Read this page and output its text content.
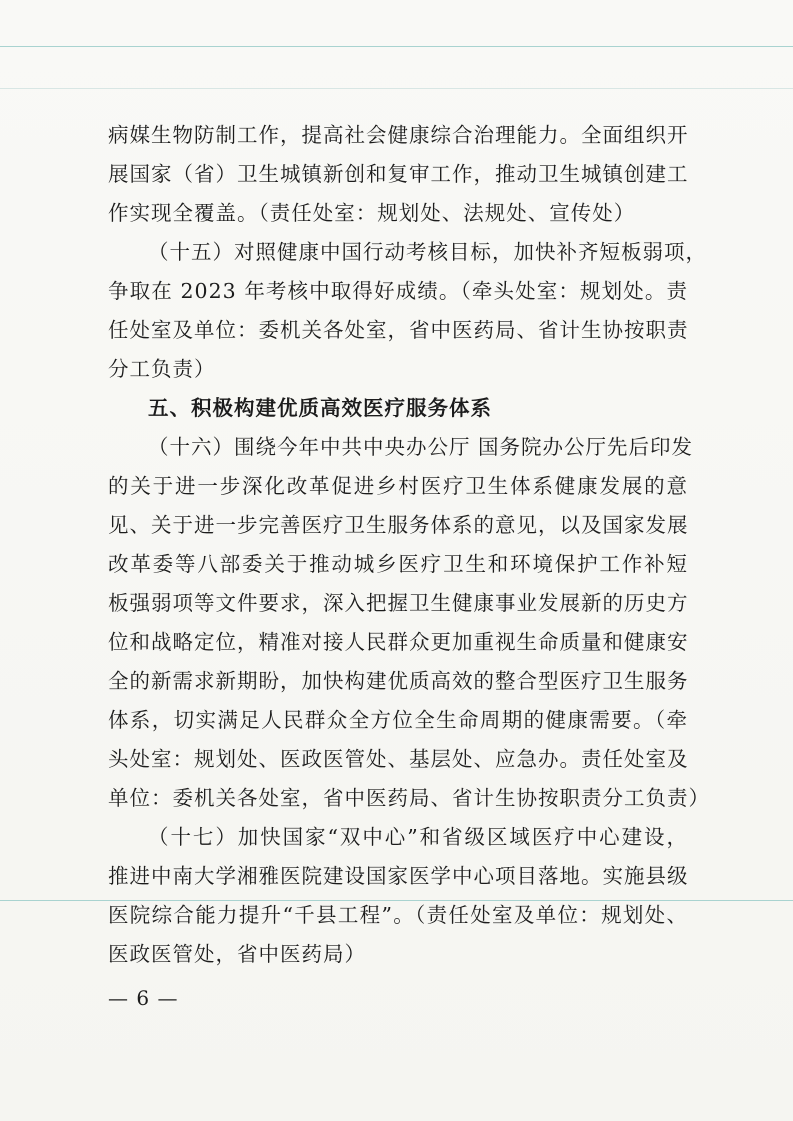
病媒生物防制工作，提高社会健康综合治理能力。全面组织开

展国家（省）卫生城镇新创和复审工作，推动卫生城镇创建工

作实现全覆盖。（责任处室：规划处、法规处、宣传处）

（十五）对照健康中国行动考核目标，加快补齐短板弱项，

争取在 2023 年考核中取得好成绩。（牵头处室：规划处。责

任处室及单位：委机关各处室，省中医药局、省计生协按职责

分工负责）

五、积极构建优质高效医疗服务体系

（十六）围绕今年中共中央办公厅 国务院办公厅先后印发

的关于进一步深化改革促进乡村医疗卫生体系健康发展的意

见、关于进一步完善医疗卫生服务体系的意见，以及国家发展

改革委等八部委关于推动城乡医疗卫生和环境保护工作补短

板强弱项等文件要求，深入把握卫生健康事业发展新的历史方

位和战略定位，精准对接人民群众更加重视生命质量和健康安

全的新需求新期盼，加快构建优质高效的整合型医疗卫生服务

体系，切实满足人民群众全方位全生命周期的健康需要。（牵

头处室：规划处、医政医管处、基层处、应急办。责任处室及

单位：委机关各处室，省中医药局、省计生协按职责分工负责）

（十七）加快国家“双中心”和省级区域医疗中心建设，

推进中南大学湘雅医院建设国家医学中心项目落地。实施县级

医院综合能力提升“千县工程”。（责任处室及单位：规划处、

医政医管处，省中医药局）

— 6 —
